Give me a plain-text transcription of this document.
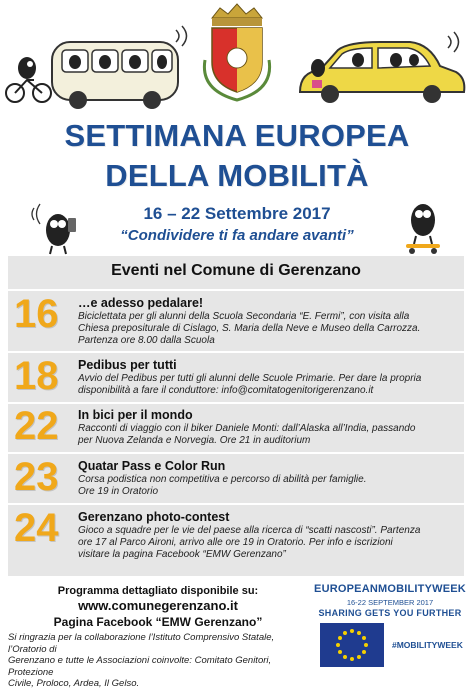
SETTIMANA EUROPEA
DELLA MOBILITÀ
16 – 22 Settembre 2017
“Condividere ti fa andare avanti”
Eventi nel Comune di Gerenzano
16	…e adesso pedalare!
Biciclettata per gli alunni della Scuola Secondaria “E. Fermi”, con visita alla
Chiesa prepositurale di Cislago, S. Maria della Neve e Museo della Carrozza.
Partenza ore 8.00 dalla Scuola
18	Pedibus per tutti
Avvio del Pedibus per tutti gli alunni delle Scuole Primarie. Per dare la propria
disponibilità a fare il conduttore: info@comitatogenitorigerenzano.it
22	In bici per il mondo
Racconti di viaggio con il biker Daniele Monti: dall’Alaska all’India, passando
per Nuova Zelanda e Norvegia. Ore 21 in auditorium
23	Quatar Pass e Color Run
Corsa podistica non competitiva e percorso di abilità per famiglie.
Ore 19 in Oratorio
24	Gerenzano photo-contest
Gioco a squadre per le vie del paese alla ricerca di “scatti nascosti”. Partenza
ore 17 al Parco Aironi, arrivo alle ore 19 in Oratorio. Per info e iscrizioni
visitare la pagina Facebook “EMW Gerenzano”
Programma dettagliato disponibile su:
www.comunegerenzano.it
Pagina Facebook “EMW Gerenzano”
Si ringrazia per la collaborazione l’Istituto Comprensivo Statale, l’Oratorio di
Gerenzano e tutte le Associazioni coinvolte: Comitato Genitori, Protezione
Civile, Proloco, Ardea, Il Gelso.
EUROPEANMOBILITYWEEK
16-22 SEPTEMBER 2017
SHARING GETS YOU FURTHER
#MOBILITYWEEK
